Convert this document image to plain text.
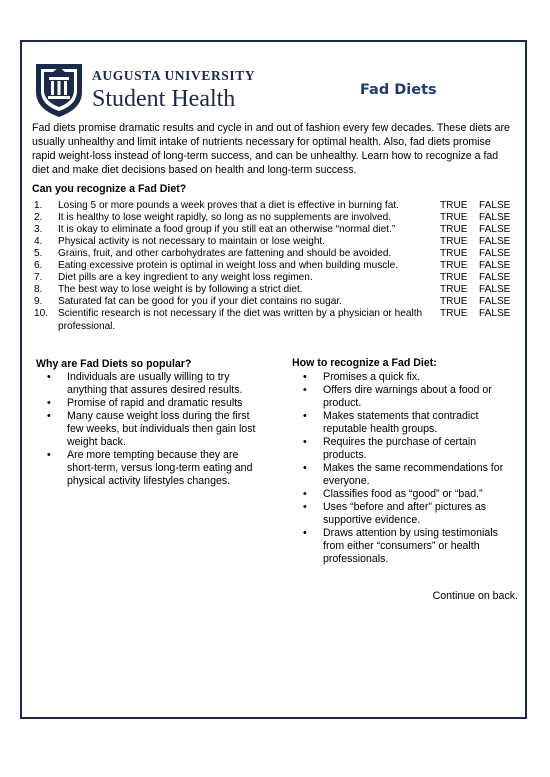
AUGUSTA UNIVERSITY
Student Health	Fad Diets

Fad diets promise dramatic results and cycle in and out of fashion every few decades. These diets are usually unhealthy and limit intake of nutrients necessary for optimal health. Also, fad diets promise rapid weight-loss instead of long-term success, and can be unhealthy. Learn how to recognize a fad diet and make diet decisions based on health and long-term success.

Can you recognize a Fad Diet?
1.	Losing 5 or more pounds a week proves that a diet is effective in burning fat.	TRUE FALSE
2.	It is healthy to lose weight rapidly, so long as no supplements are involved.	TRUE FALSE
3.	It is okay to eliminate a food group if you still eat an otherwise “normal diet.”	TRUE FALSE
4.	Physical activity is not necessary to maintain or lose weight.	TRUE FALSE
5.	Grains, fruit, and other carbohydrates are fattening and should be avoided.	TRUE FALSE
6.	Eating excessive protein is optimal in weight loss and when building muscle.	TRUE FALSE
7.	Diet pills are a key ingredient to any weight loss regimen.	TRUE FALSE
8.	The best way to lose weight is by following a strict diet.	TRUE FALSE
9.	Saturated fat can be good for you if your diet contains no sugar.	TRUE FALSE
10. Scientific research is not necessary if the diet was written by a physician or health professional.
TRUE FALSE
Why are Fad Diets so popular?
• Individuals are usually willing to try anything that assures desired results.
• Promise of rapid and dramatic results
• Many cause weight loss during the first few weeks, but individuals then gain lost weight back.
• Are more tempting because they are short-term, versus long-term eating and physical activity lifestyles changes.
How to recognize a Fad Diet:
• Promises a quick fix.
• Offers dire warnings about a food or product.
• Makes statements that contradict reputable health groups.
• Requires the purchase of certain products.
• Makes the same recommendations for everyone.
• Classifies food as “good” or “bad.”
• Uses “before and after” pictures as supportive evidence.
• Draws attention by using testimonials from either “consumers” or health professionals.
Continue on back.
